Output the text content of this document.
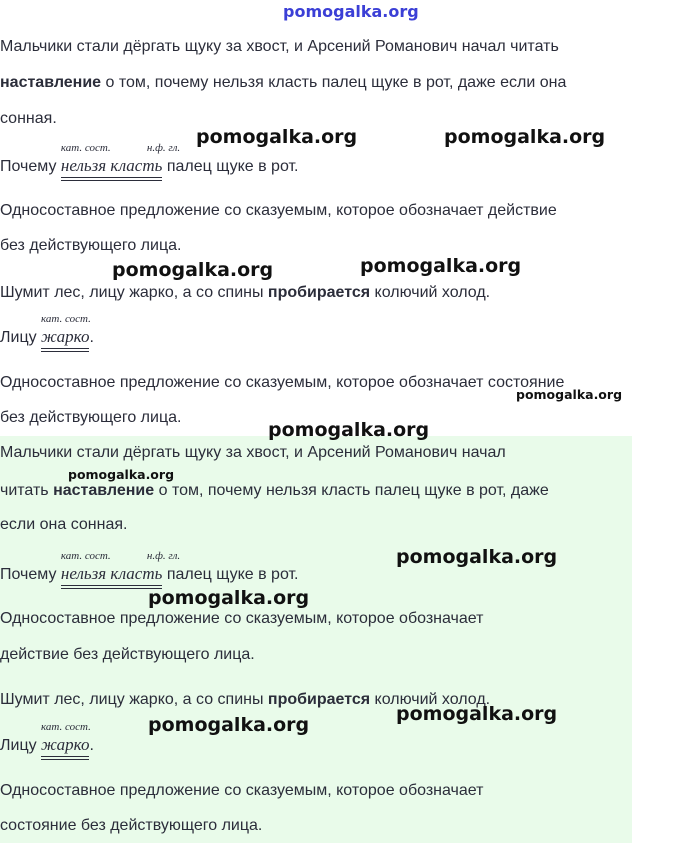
pomogalka.org
Мальчики стали дёргать щуку за хвост, и Арсений Романович начал читать
наставление о том, почему нельзя класть палец щуке в рот, даже если она
сонная.
Почему
кат. сост.	н.ф. гл.
нельзя класть палец щуке в рот.
Односоставное предложение со сказуемым, которое обозначает действие
без действующего лица.
Шумит лес, лицу жарко, а со спины пробирается колючий холод.
Лицу
кат. сост.
жарко.
Односоставное предложение со сказуемым, которое обозначает состояние
без действующего лица.
Мальчики стали дёргать щуку за хвост, и Арсений Романович начал
читать наставление о том, почему нельзя класть палец щуке в рот, даже
если она сонная.
Почему
кат. сост.	н.ф. гл.
нельзя класть палец щуке в рот.
Односоставное предложение со сказуемым, которое обозначает
действие без действующего лица.
Шумит лес, лицу жарко, а со спины пробирается колючий холод.
Лицу
кат. сост.
жарко.
Односоставное предложение со сказуемым, которое обозначает
состояние без действующего лица.
pomogalka.org	pomogalka.org
pomogalka.org	pomogalka.org
pomogalka.org
pomogalka.org
pomogalka.org
pomogalka.org
pomogalka.org
pomogalka.org
pomogalka.org
